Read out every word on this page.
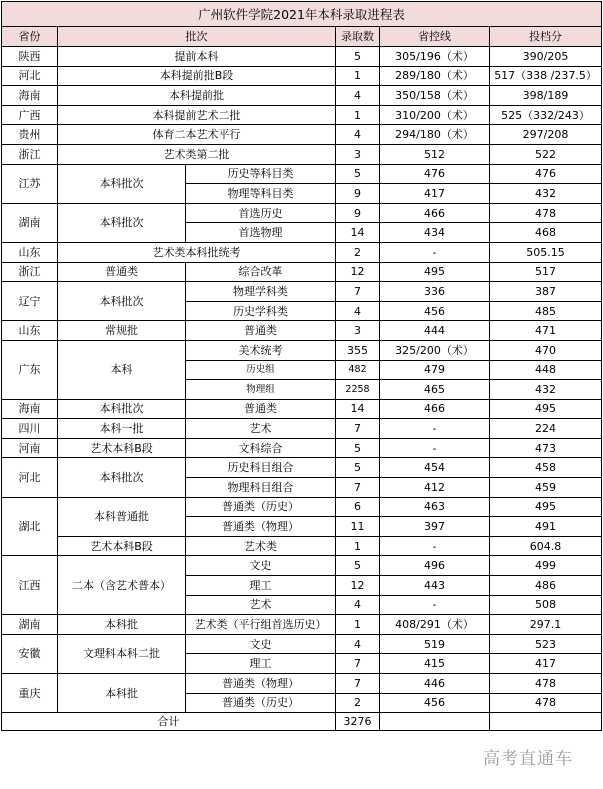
广州软件学院2021年本科录取进程表					
省份	批次		录取数	省控线	投档分
陕西	提前本科		5	305/196（术）	390/205
河北	本科提前批B段		1	289/180（术）	517（338 /237.5）
海南	本科提前批		4	350/158（术）	398/189
广西	本科提前艺术二批		1	310/200（术）	525（332/243）
贵州	体育二本艺术平行		4	294/180（术）	297/208
浙江	艺术类第二批		3	512	522
江苏	本科批次	历史等科目类	5	476	476
		物理等科目类	9	417	432
湖南	本科批次	首选历史	9	466	478
		首选物理	14	434	468
山东	艺术类本科批统考		2	-	505.15
浙江	普通类	综合改革	12	495	517
辽宁	本科批次	物理学科类	7	336	387
		历史学科类	4	456	485
山东	常规批	普通类	3	444	471
广东	本科	美术统考	355	325/200（术）	470
		历史组	482	479	448
		物理组	2258	465	432
海南	本科批次	普通类	14	466	495
四川	本科一批	艺术	7	-	224
河南	艺术本科B段	文科综合	5	-	473
河北	本科批次	历史科目组合	5	454	458
		物理科目组合	7	412	459
湖北	本科普通批	普通类（历史）	6	463	495
		普通类（物理）	11	397	491
	艺术本科B段	艺术类	1	-	604.8
江西	二本（含艺术普本）	文史	5	496	499
		理工	12	443	486
		艺术	4	-	508
湖南	本科批	艺术类（平行组首选历史）	1	408/291（术）	297.1
安徽	文理科本科二批	文史	4	519	523
		理工	7	415	417
重庆	本科批	普通类（物理）	7	446	478
		普通类（历史）	2	456	478
合计			3276		
高考直通车
